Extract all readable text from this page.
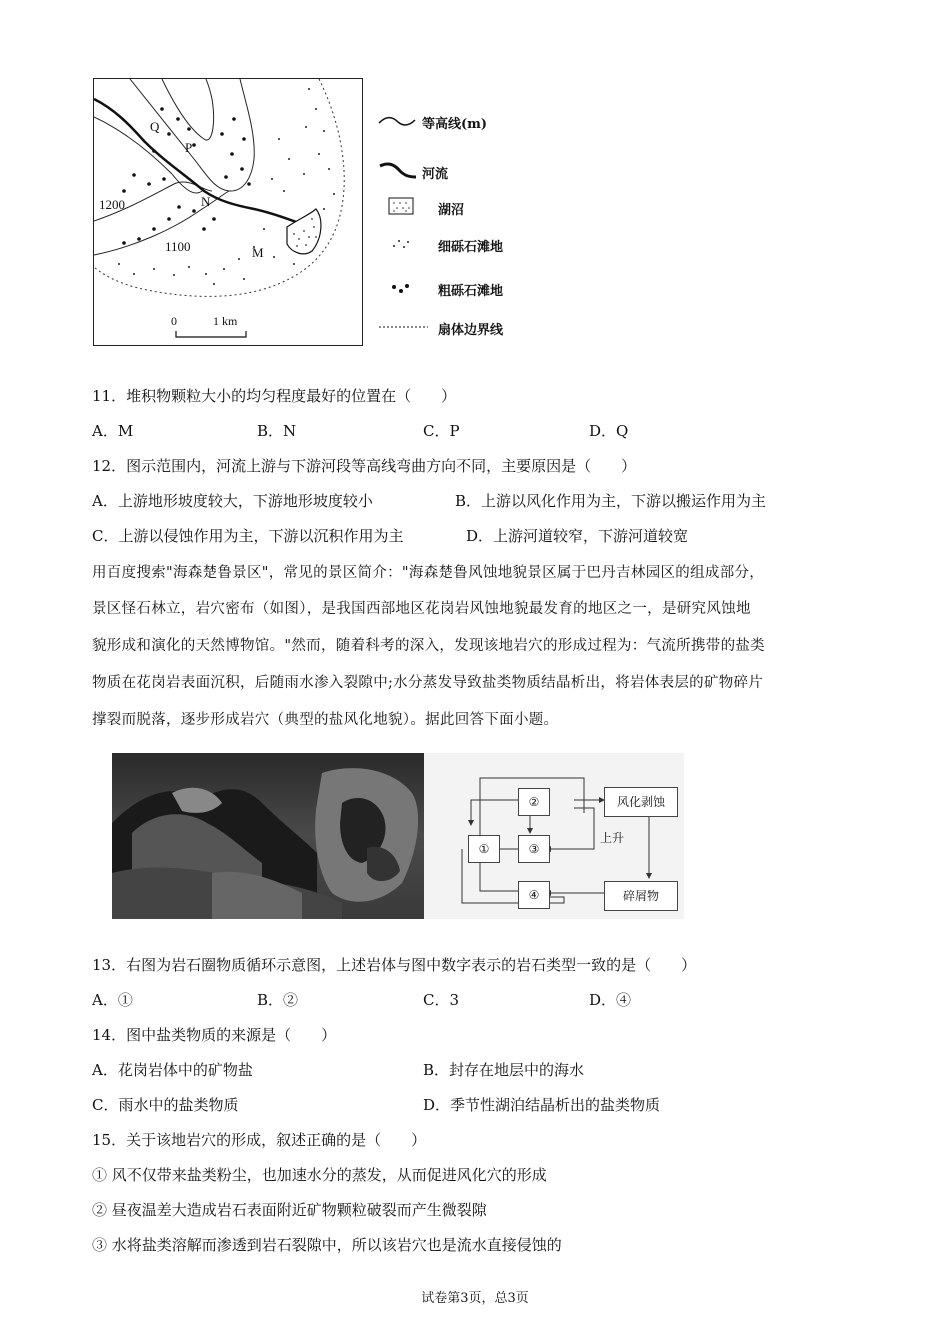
Q
P
N
M
1200
1100
0	1 km
等高线(m)
河流
湖沼
细砾石滩地
粗砾石滩地
扇体边界线
11．堆积物颗粒大小的均匀程度最好的位置在（　　）
A．M	B．N	C．P	D．Q
12．图示范围内，河流上游与下游河段等高线弯曲方向不同，主要原因是（　　）
A．上游地形坡度较大，下游地形坡度较小	B．上游以风化作用为主，下游以搬运作用为主
C．上游以侵蚀作用为主，下游以沉积作用为主	D．上游河道较窄，下游河道较宽
用百度搜索"海森楚鲁景区"，常见的景区简介："海森楚鲁风蚀地貌景区属于巴丹吉林园区的组成部分，
景区怪石林立，岩穴密布（如图），是我国西部地区花岗岩风蚀地貌最发育的地区之一，是研究风蚀地
貌形成和演化的天然博物馆。"然而，随着科考的深入，发现该地岩穴的形成过程为：气流所携带的盐类
物质在花岗岩表面沉积，后随雨水渗入裂隙中;水分蒸发导致盐类物质结晶析出，将岩体表层的矿物碎片
撑裂而脱落，逐步形成岩穴（典型的盐风化地貌）。据此回答下面小题。
①
②
③
④
风化剥蚀
碎屑物
上升
13．右图为岩石圈物质循环示意图，上述岩体与图中数字表示的岩石类型一致的是（　　）
A．①	B．②	C．3	D．④
14．图中盐类物质的来源是（　　）
A．花岗岩体中的矿物盐	B．封存在地层中的海水
C．雨水中的盐类物质	D．季节性湖泊结晶析出的盐类物质
15．关于该地岩穴的形成，叙述正确的是（　　）
① 风不仅带来盐类粉尘，也加速水分的蒸发，从而促进风化穴的形成
② 昼夜温差大造成岩石表面附近矿物颗粒破裂而产生微裂隙
③ 水将盐类溶解而渗透到岩石裂隙中，所以该岩穴也是流水直接侵蚀的
试卷第3页，总3页
